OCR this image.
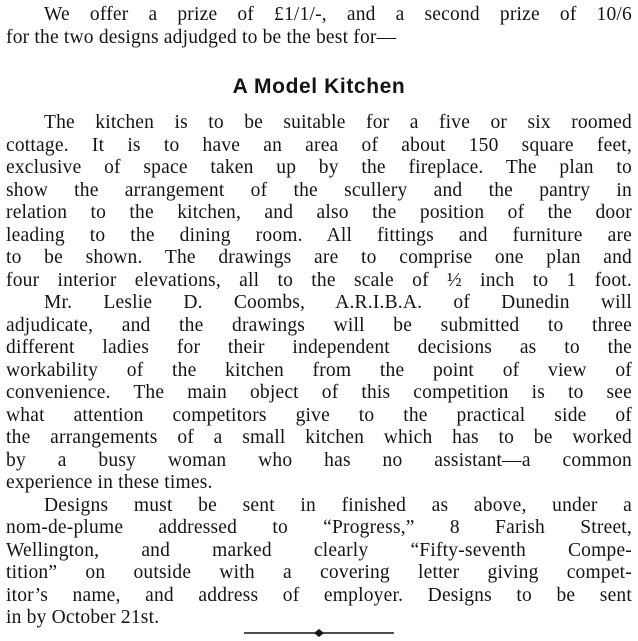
We offer a prize of £1/1/-, and a second prize of 10/6
for the two designs adjudged to be the best for—
A Model Kitchen
The kitchen is to be suitable for a five or six roomed
cottage. It is to have an area of about 150 square feet,
exclusive of space taken up by the fireplace. The plan to
show the arrangement of the scullery and the pantry in
relation to the kitchen, and also the position of the door
leading to the dining room. All fittings and furniture are
to be shown. The drawings are to comprise one plan and
four interior elevations, all to the scale of ½ inch to 1 foot.
Mr. Leslie D. Coombs, A.R.I.B.A. of Dunedin will
adjudicate, and the drawings will be submitted to three
different ladies for their independent decisions as to the
workability of the kitchen from the point of view of
convenience. The main object of this competition is to see
what attention competitors give to the practical side of
the arrangements of a small kitchen which has to be worked
by a busy woman who has no assistant—a common
experience in these times.
Designs must be sent in finished as above, under a
nom-de-plume addressed to “Progress,” 8 Farish Street,
Wellington, and marked clearly “Fifty-seventh Compe-
tition” on outside with a covering letter giving compet-
itor’s name, and address of employer. Designs to be sent
in by October 21st.
